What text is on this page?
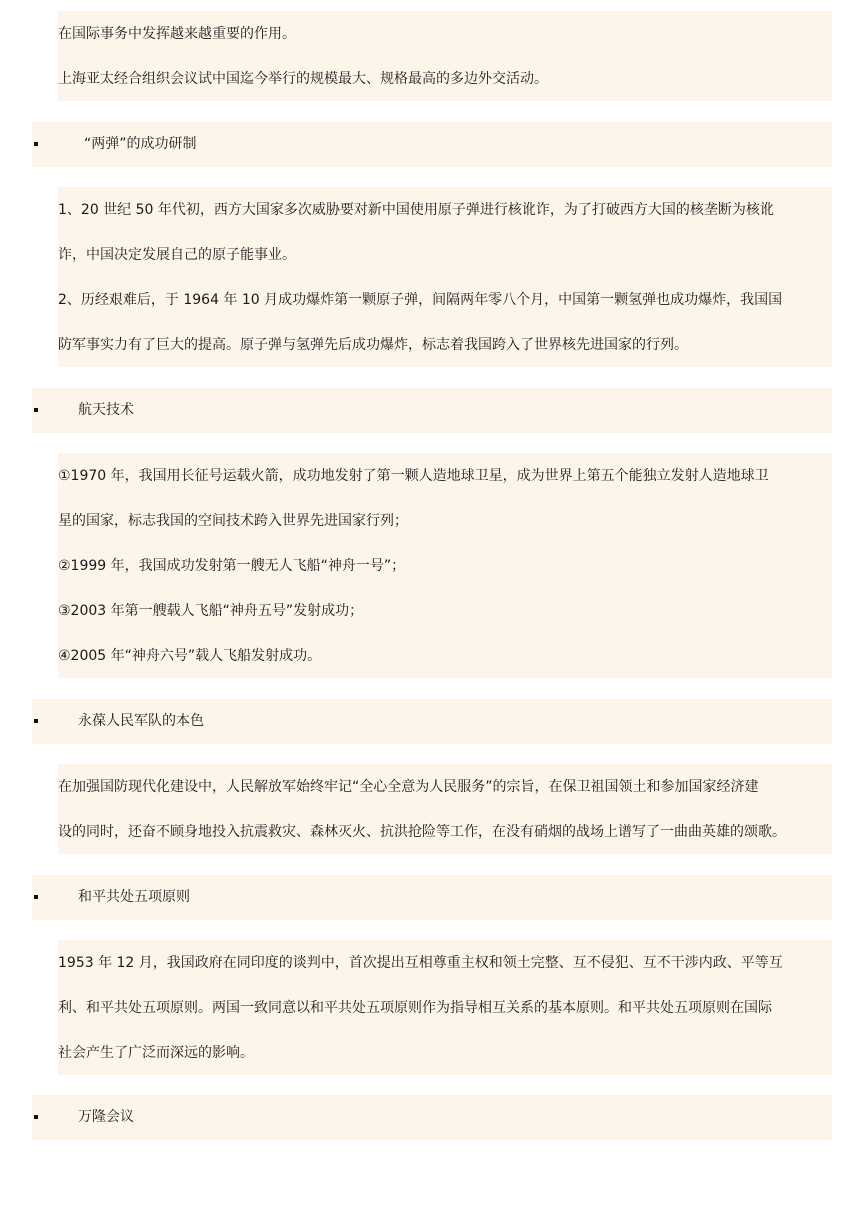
在国际事务中发挥越来越重要的作用。

上海亚太经合组织会议试中国迄今举行的规模最大、规格最高的多边外交活动。

“两弹”的成功研制

1、20 世纪 50 年代初，西方大国家多次威胁要对新中国使用原子弹进行核讹诈，为了打破西方大国的核垄断为核讹

诈，中国决定发展自己的原子能事业。

2、历经艰难后，于 1964 年 10 月成功爆炸第一颗原子弹，间隔两年零八个月，中国第一颗氢弹也成功爆炸，我国国

防军事实力有了巨大的提高。原子弹与氢弹先后成功爆炸，标志着我国跨入了世界核先进国家的行列。

航天技术

①1970 年，我国用长征号运载火箭，成功地发射了第一颗人造地球卫星，成为世界上第五个能独立发射人造地球卫

星的国家，标志我国的空间技术跨入世界先进国家行列；

②1999 年，我国成功发射第一艘无人飞船“神舟一号”；

③2003 年第一艘载人飞船“神舟五号”发射成功；

④2005 年“神舟六号”载人飞船发射成功。

永葆人民军队的本色

在加强国防现代化建设中，人民解放军始终牢记“全心全意为人民服务”的宗旨，在保卫祖国领土和参加国家经济建

设的同时，还奋不顾身地投入抗震救灾、森林灭火、抗洪抢险等工作，在没有硝烟的战场上谱写了一曲曲英雄的颂歌。

和平共处五项原则

1953 年 12 月，我国政府在同印度的谈判中，首次提出互相尊重主权和领土完整、互不侵犯、互不干涉内政、平等互

利、和平共处五项原则。两国一致同意以和平共处五项原则作为指导相互关系的基本原则。和平共处五项原则在国际

社会产生了广泛而深远的影响。

万隆会议
